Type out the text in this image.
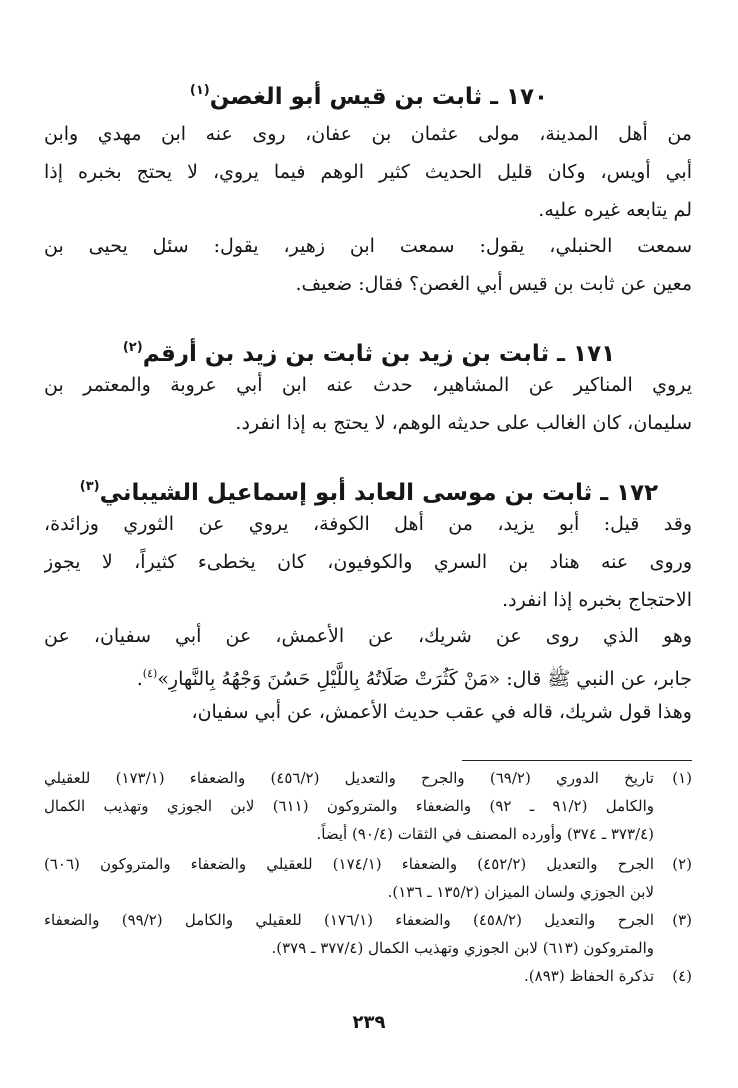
١٧٠ ـ ثابت بن قيس أبو الغصن$^{(١)}$
من أهل المدينة، مولى عثمان بن عفان، روى عنه ابن مهدي وابن
أبي أويس، وكان قليل الحديث كثير الوهم فيما يروي، لا يحتج بخبره إذا
لم يتابعه غيره عليه.
سمعت الحنبلي، يقول: سمعت ابن زهير، يقول: سئل يحيى بن
معين عن ثابت بن قيس أبي الغصن؟ فقال: ضعيف.
١٧١ ـ ثابت بن زيد بن ثابت بن زيد بن أرقم$^{(٢)}$
يروي المناكير عن المشاهير، حدث عنه ابن أبي عروبة والمعتمر بن
سليمان، كان الغالب على حديثه الوهم، لا يحتج به إذا انفرد.
١٧٢ ـ ثابت بن موسى العابد أبو إسماعيل الشيباني$^{(٣)}$
وقد قيل: أبو يزيد، من أهل الكوفة، يروي عن الثوري وزائدة،
وروى عنه هناد بن السري والكوفيون، كان يخطىء كثيراً، لا يجوز
الاحتجاج بخبره إذا انفرد.
وهو الذي روى عن شريك، عن الأعمش، عن أبي سفيان، عن
جابر، عن النبي ﷺ قال: «مَنْ كَثُرَتْ صَلَاتُهُ بِاللَّيْلِ حَسُنَ وَجْهُهُ بِالنَّهارِ»$^{(٤)}$.
وهذا قول شريك، قاله في عقب حديث الأعمش، عن أبي سفيان،
(١)
تاريخ الدوري (٦٩/٢) والجرح والتعديل (٤٥٦/٢) والضعفاء (١٧٣/١) للعقيلي
والكامل (٩١/٢ ـ ٩٢) والضعفاء والمتروكون (٦١١) لابن الجوزي وتهذيب الكمال
(٣٧٣/٤ ـ ٣٧٤) وأورده المصنف في الثقات (٩٠/٤) أيضاً.
(٢)
الجرح والتعديل (٤٥٢/٢) والضعفاء (١٧٤/١) للعقيلي والضعفاء والمتروكون (٦٠٦)
لابن الجوزي ولسان الميزان (١٣٥/٢ ـ ١٣٦).
(٣)
الجرح والتعديل (٤٥٨/٢) والضعفاء (١٧٦/١) للعقيلي والكامل (٩٩/٢) والضعفاء
والمتروكون (٦١٣) لابن الجوزي وتهذيب الكمال (٣٧٧/٤ ـ ٣٧٩).
(٤)
تذكرة الحفاظ (٨٩٣).
٢٣٩
